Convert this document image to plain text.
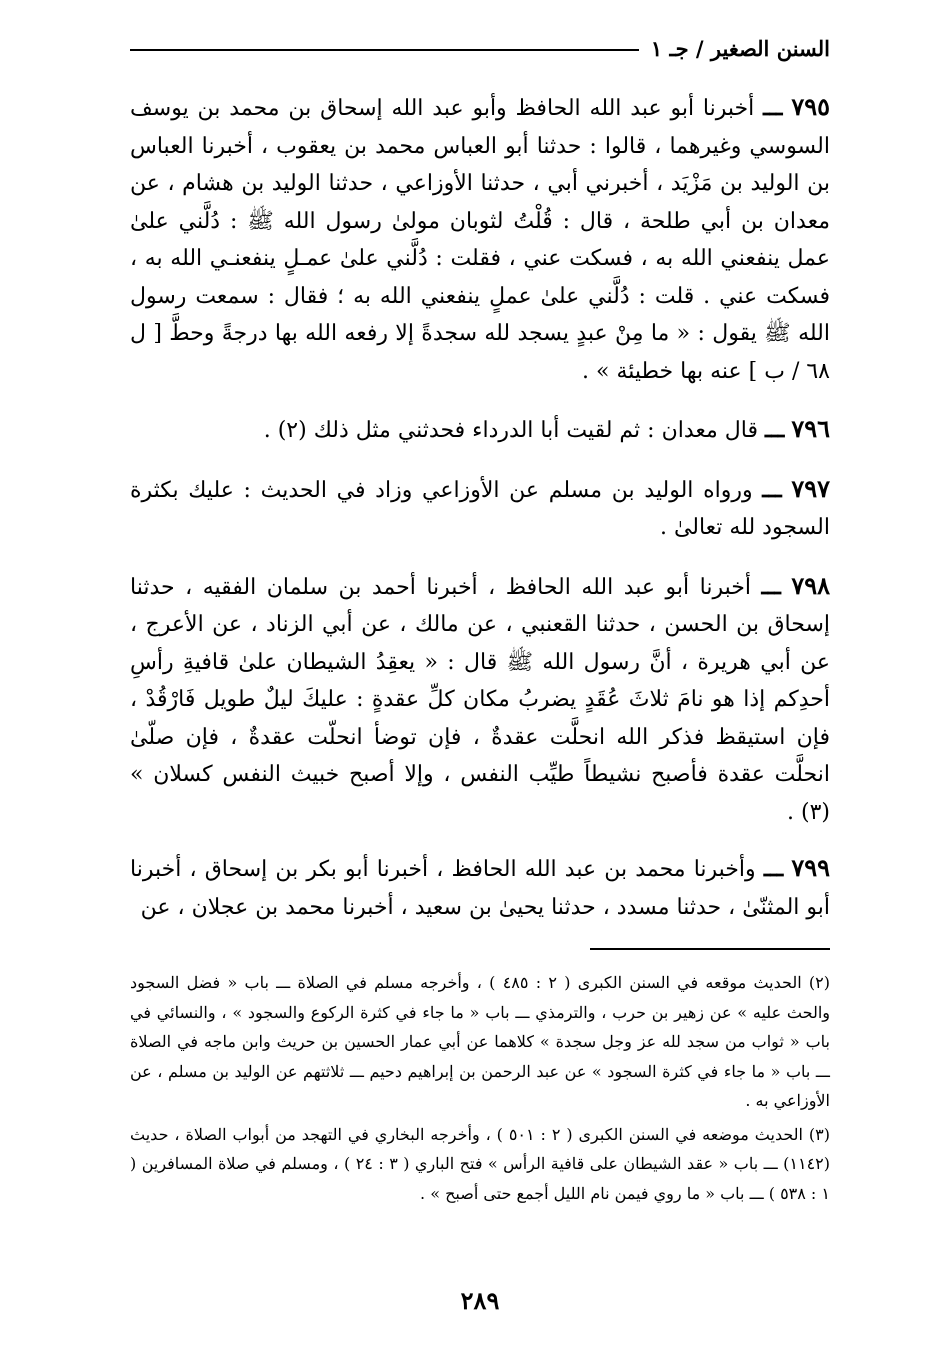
السنن الصغير / جـ ١

٧٩٥ ـــ أخبرنا أبو عبد الله الحافظ وأبو عبد الله إسحاق بن محمد بن يوسف السوسي وغيرهما ، قالوا : حدثنا أبو العباس محمد بن يعقوب ، أخبرنا العباس بن الوليد بن مَزْيَد ، أخبرني أبي ، حدثنا الأوزاعي ، حدثنا الوليد بن هشام ، عن معدان بن أبي طلحة ، قال : قُلْتُ لثوبان مولىٰ رسول الله ﷺ : دُلَّني علىٰ عمل ينفعني الله به ، فسكت عني ، فقلت : دُلَّني علىٰ عمـلٍ ينفعنـي الله به ، فسكت عني . قلت : دُلَّني علىٰ عملٍ ينفعني الله به ؛ فقال : سمعت رسول الله ﷺ يقول : « ما مِنْ عبدٍ يسجد لله سجدةً إلا رفعه الله بها درجةً وحطَّ [ ل ٦٨ / ب ] عنه بها خطيئة » .

٧٩٦ ـــ قال معدان : ثم لقيت أبا الدرداء فحدثني مثل ذلك (٢) .

٧٩٧ ـــ ورواه الوليد بن مسلم عن الأوزاعي وزاد في الحديث : عليك بكثرة السجود لله تعالىٰ .

٧٩٨ ـــ أخبرنا أبو عبد الله الحافظ ، أخبرنا أحمد بن سلمان الفقيه ، حدثنا إسحاق بن الحسن ، حدثنا القعنبي ، عن مالك ، عن أبي الزناد ، عن الأعرج ، عن أبي هريرة ، أنَّ رسول الله ﷺ قال : « يعقِدُ الشيطان علىٰ قافيةِ رأسِ أحدِكم إذا هو نامَ ثلاثَ عُقَدٍ يضربُ مكان كلِّ عقدةٍ : عليكَ ليلٌ طويل فَارْقُدْ ، فإن استيقظ فذكر الله انحلَّت عقدةٌ ، فإن توضأ انحلّت عقدةٌ ، فإن صلّىٰ انحلَّت عقدة فأصبح نشيطاً طيِّب النفس ، وإلا أصبح خبيث النفس كسلان » (٣) .

٧٩٩ ـــ وأخبرنا محمد بن عبد الله الحافظ ، أخبرنا أبو بكر بن إسحاق ، أخبرنا أبو المثنّىٰ ، حدثنا مسدد ، حدثنا يحيىٰ بن سعيد ، أخبرنا محمد بن عجلان ، عن

(٢) الحديث موقعه في السنن الكبرى ( ٢ : ٤٨٥ ) ، وأخرجه مسلم في الصلاة ـــ باب « فضل السجود والحث عليه » عن زهير بن حرب ، والترمذي ـــ باب « ما جاء في كثرة الركوع والسجود » ، والنسائي في باب « ثواب من سجد لله عز وجل سجدة » كلاهما عن أبي عمار الحسين بن حريث وابن ماجه في الصلاة ـــ باب « ما جاء في كثرة السجود » عن عبد الرحمن بن إبراهيم دحيم ـــ ثلاثتهم عن الوليد بن مسلم ، عن الأوزاعي به .

(٣) الحديث موضعه في السنن الكبرى ( ٢ : ٥٠١ ) ، وأخرجه البخاري في التهجد من أبواب الصلاة ، حديث (١١٤٢) ـــ باب « عقد الشيطان على قافية الرأس » فتح الباري ( ٣ : ٢٤ ) ، ومسلم في صلاة المسافرين ( ١ : ٥٣٨ ) ـــ باب « ما روي فيمن نام الليل أجمع حتى أصبح » .

٢٨٩
